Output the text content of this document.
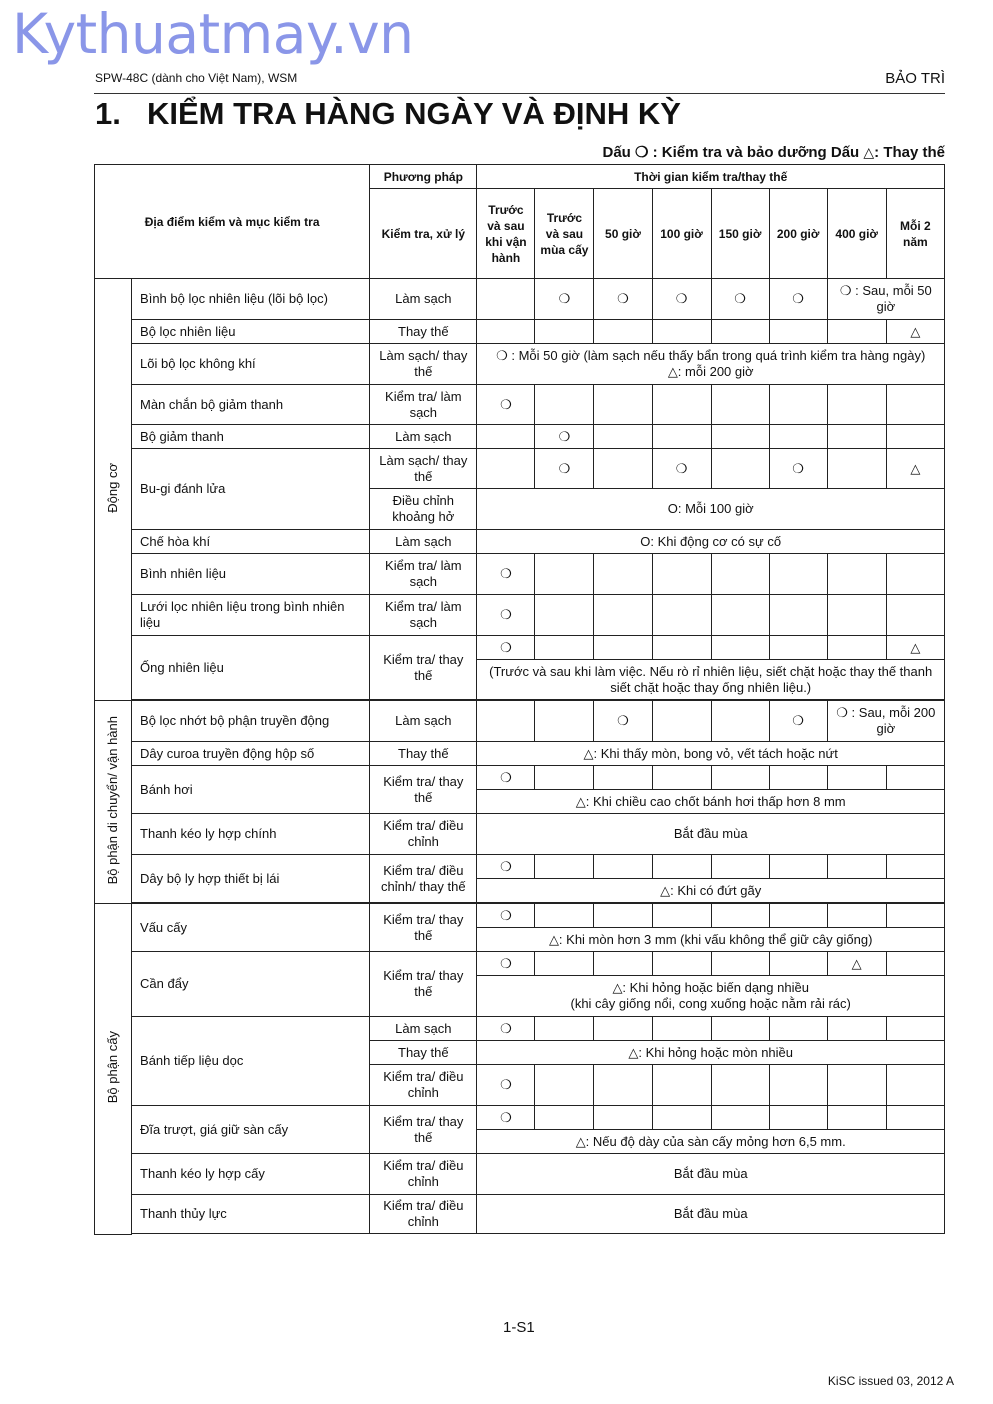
Kythuatmay.vn
SPW-48C (dành cho Việt Nam), WSM	BẢO TRÌ
1. KIỂM TRA HÀNG NGÀY VÀ ĐỊNH KỲ
Dấu ❍ : Kiểm tra và bảo dưỡng Dấu △: Thay thế
Địa điểm kiểm và mục kiểm tra		Phương pháp	Thời gian kiểm tra/thay thế							
		Kiểm tra, xử lý	Trước và sau khi vận hành	Trước và sau mùa cấy	50 giờ	100 giờ	150 giờ	200 giờ	400 giờ	Mỗi 2 năm
Động cơ	Bình bộ lọc nhiên liệu (lõi bộ lọc)	Làm sạch		❍	❍	❍	❍	❍	❍ : Sau, mỗi 50 giờ	
	Bộ lọc nhiên liệu	Thay thế								△
	Lõi bộ lọc không khí	Làm sạch/ thay thế	❍ : Mỗi 50 giờ (làm sạch nếu thấy bẩn trong quá trình kiểm tra hàng ngày)
△: mỗi 200 giờ							

	Màn chắn bộ giảm thanh	Kiểm tra/ làm sạch	❍							
	Bộ giảm thanh	Làm sạch		❍						
	Bu-gi đánh lửa	Làm sạch/ thay thế		❍		❍		❍		△
		Điều chỉnh khoảng hở	O: Mỗi 100 giờ							
	Chế hòa khí	Làm sạch	O: Khi động cơ có sự cố							
	Bình nhiên liệu	Kiểm tra/ làm sạch	❍							
	Lưới lọc nhiên liệu trong bình nhiên liệu	Kiểm tra/ làm sạch	❍							
	Ống nhiên liệu	Kiểm tra/ thay thế	❍							△
			(Trước và sau khi làm việc. Nếu rò rỉ nhiên liệu, siết chặt hoặc thay thế thanh siết chặt hoặc thay ống nhiên liệu.)							

Bộ phận di chuyển/ vận hành	Bộ lọc nhớt bộ phận truyền động	Làm sạch			❍			❍	❍ : Sau, mỗi 200 giờ	
	Dây curoa truyền động hộp số	Thay thế	△: Khi thấy mòn, bong vỏ, vết tách hoặc nứt							
	Bánh hơi	Kiểm tra/ thay thế	❍							
			△: Khi chiều cao chốt bánh hơi thấp hơn 8 mm							
	Thanh kéo ly hợp chính	Kiểm tra/ điều chỉnh	Bắt đầu mùa							
	Dây bộ ly hợp thiết bị lái	Kiểm tra/ điều chỉnh/ thay thế	❍							
			△: Khi có đứt gãy							

Bộ phận cấy	Vấu cấy	Kiểm tra/ thay thế	❍							
			△: Khi mòn hơn 3 mm (khi vấu không thể giữ cây giống)							
	Cần đẩy	Kiểm tra/ thay thế	❍						△	

			△: Khi hỏng hoặc biến dạng nhiều
(khi cây giống nổi, cong xuống hoặc nằm rải rác)							

	Bánh tiếp liệu dọc	Làm sạch	❍							
		Thay thế	△: Khi hỏng hoặc mòn nhiều							
		Kiểm tra/ điều chỉnh	❍							
	Đĩa trượt, giá giữ sàn cấy	Kiểm tra/ thay thế	❍							
			△: Nếu độ dày của sàn cấy mỏng hơn 6,5 mm.							
	Thanh kéo ly hợp cấy	Kiểm tra/ điều chỉnh	Bắt đầu mùa							
	Thanh thủy lực	Kiểm tra/ điều chỉnh	Bắt đầu mùa							

1-S1
KiSC issued 03, 2012 A
